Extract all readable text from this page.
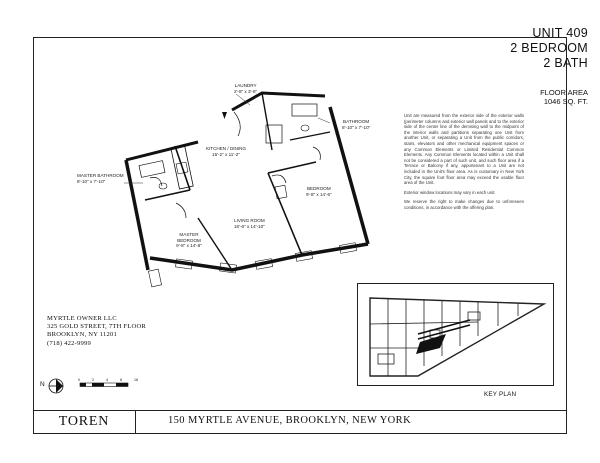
LAUNDRY
2'-8" x 3'-8"
BATHROOM
8'-10" x 7'-10"
KITCHEN / DINING
15'-2" x 11'-2"
MASTER BATHROOM
8'-10" x 7'-10"
BEDROOM
9'-8" x 14'-6"
LIVING ROOM
16'-6" x 14'-10"
MASTER BEDROOM
9'-8" x 14'-8"
UNIT 409
2 BEDROOM
2 BATH
FLOOR AREA
1046 SQ. FT.

Unit are measured from the exterior side of the exterior walls (perimeter columns and exterior wall panels and to the exterior side of the center line of the demising wall to the midpoint of the interior walls and partitions separating one Unit from another Unit, or separating a Unit from the public corridors, stairs, elevators and other mechanical equipment spaces or any Common Elements or Limited Residential Common Elements. Any Common Elements located within a Unit shall not be considered a part of such unit, and such floor area if a Terrace or Balcony if any, appurtenant to a Unit are not included in the Unit's floor area. As is customary in New York City, the square foot floor area may exceed the usable floor area of the Unit.

Exterior window locations may vary in each unit.

We reserve the right to make changes due to unforeseen conditions, in accordance with the offering plan.

KEY PLAN
MYRTLE OWNER LLC
325 GOLD STREET, 7TH FLOOR
BROOKLYN, NY 11201
(718) 422-9999
N
0	2	4	8	16
TOREN	150 MYRTLE AVENUE, BROOKLYN, NEW YORK
